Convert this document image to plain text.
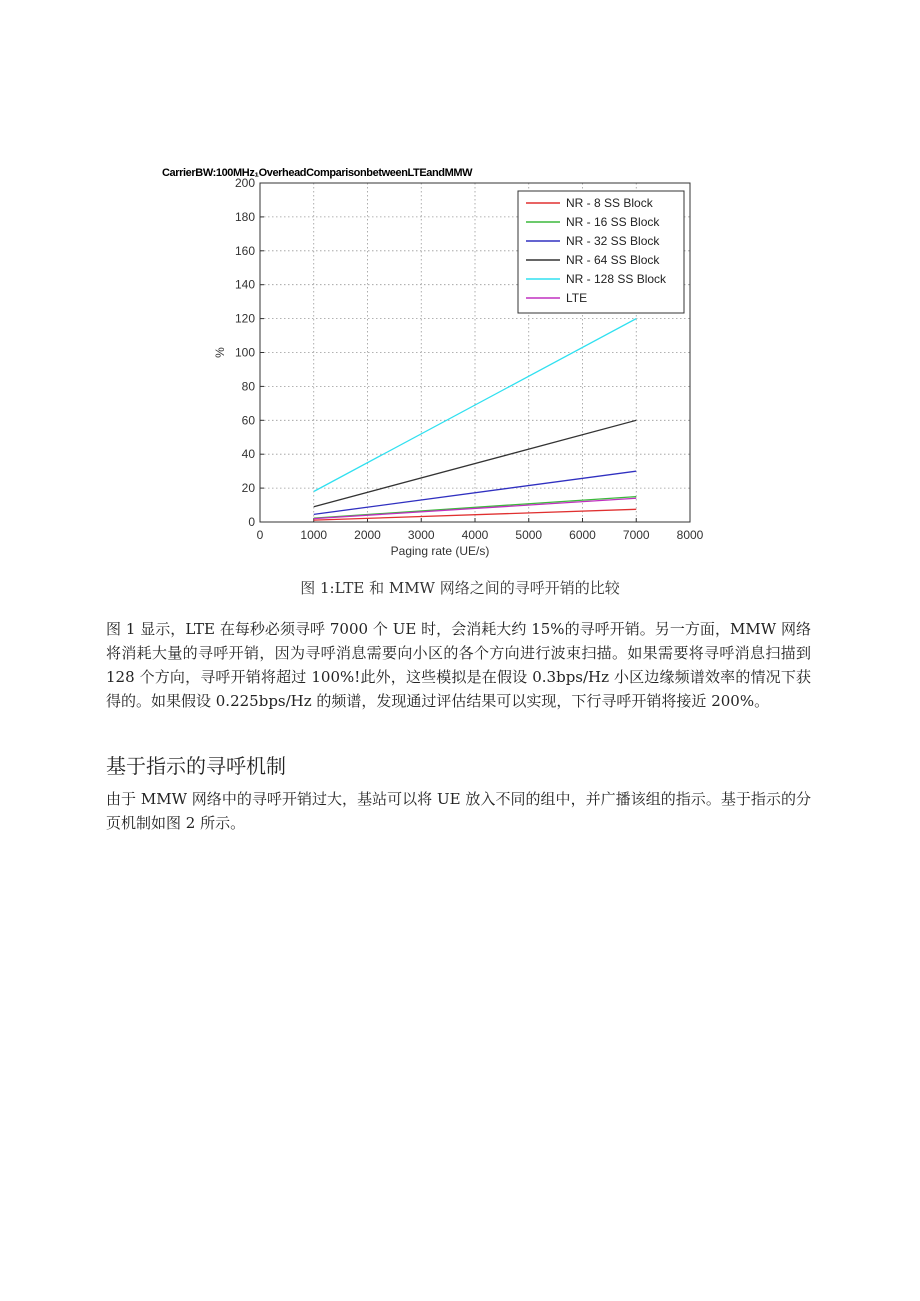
CarrierBW:100MHz₁OverheadComparisonbetweenLTEandMMW
0
20
40
60
80
100
120
140
160
180
200
0	1000 2000 3000 4000 5000 6000 7000 8000
%
Paging rate (UE/s)
NR - 8 SS Block
NR - 16 SS Block
NR - 32 SS Block
NR - 64 SS Block
NR - 128 SS Block
LTE
图 1:LTE 和 MMW 网络之间的寻呼开销的比较

图 1 显示，LTE 在每秒必须寻呼 7000 个 UE 时，会消耗大约 15%的寻呼开销。另一方面，MMW 网络将消耗大量的寻呼开销，因为寻呼消息需要向小区的各个方向进行波束扫描。如果需要将寻呼消息扫描到 128 个方向，寻呼开销将超过 100%!此外，这些模拟是在假设 0.3bps/Hz 小区边缘频谱效率的情况下获得的。如果假设 0.225bps/Hz 的频谱，发现通过评估结果可以实现，下行寻呼开销将接近 200%。

基于指示的寻呼机制

由于 MMW 网络中的寻呼开销过大，基站可以将 UE 放入不同的组中，并广播该组的指示。基于指示的分页机制如图 2 所示。
